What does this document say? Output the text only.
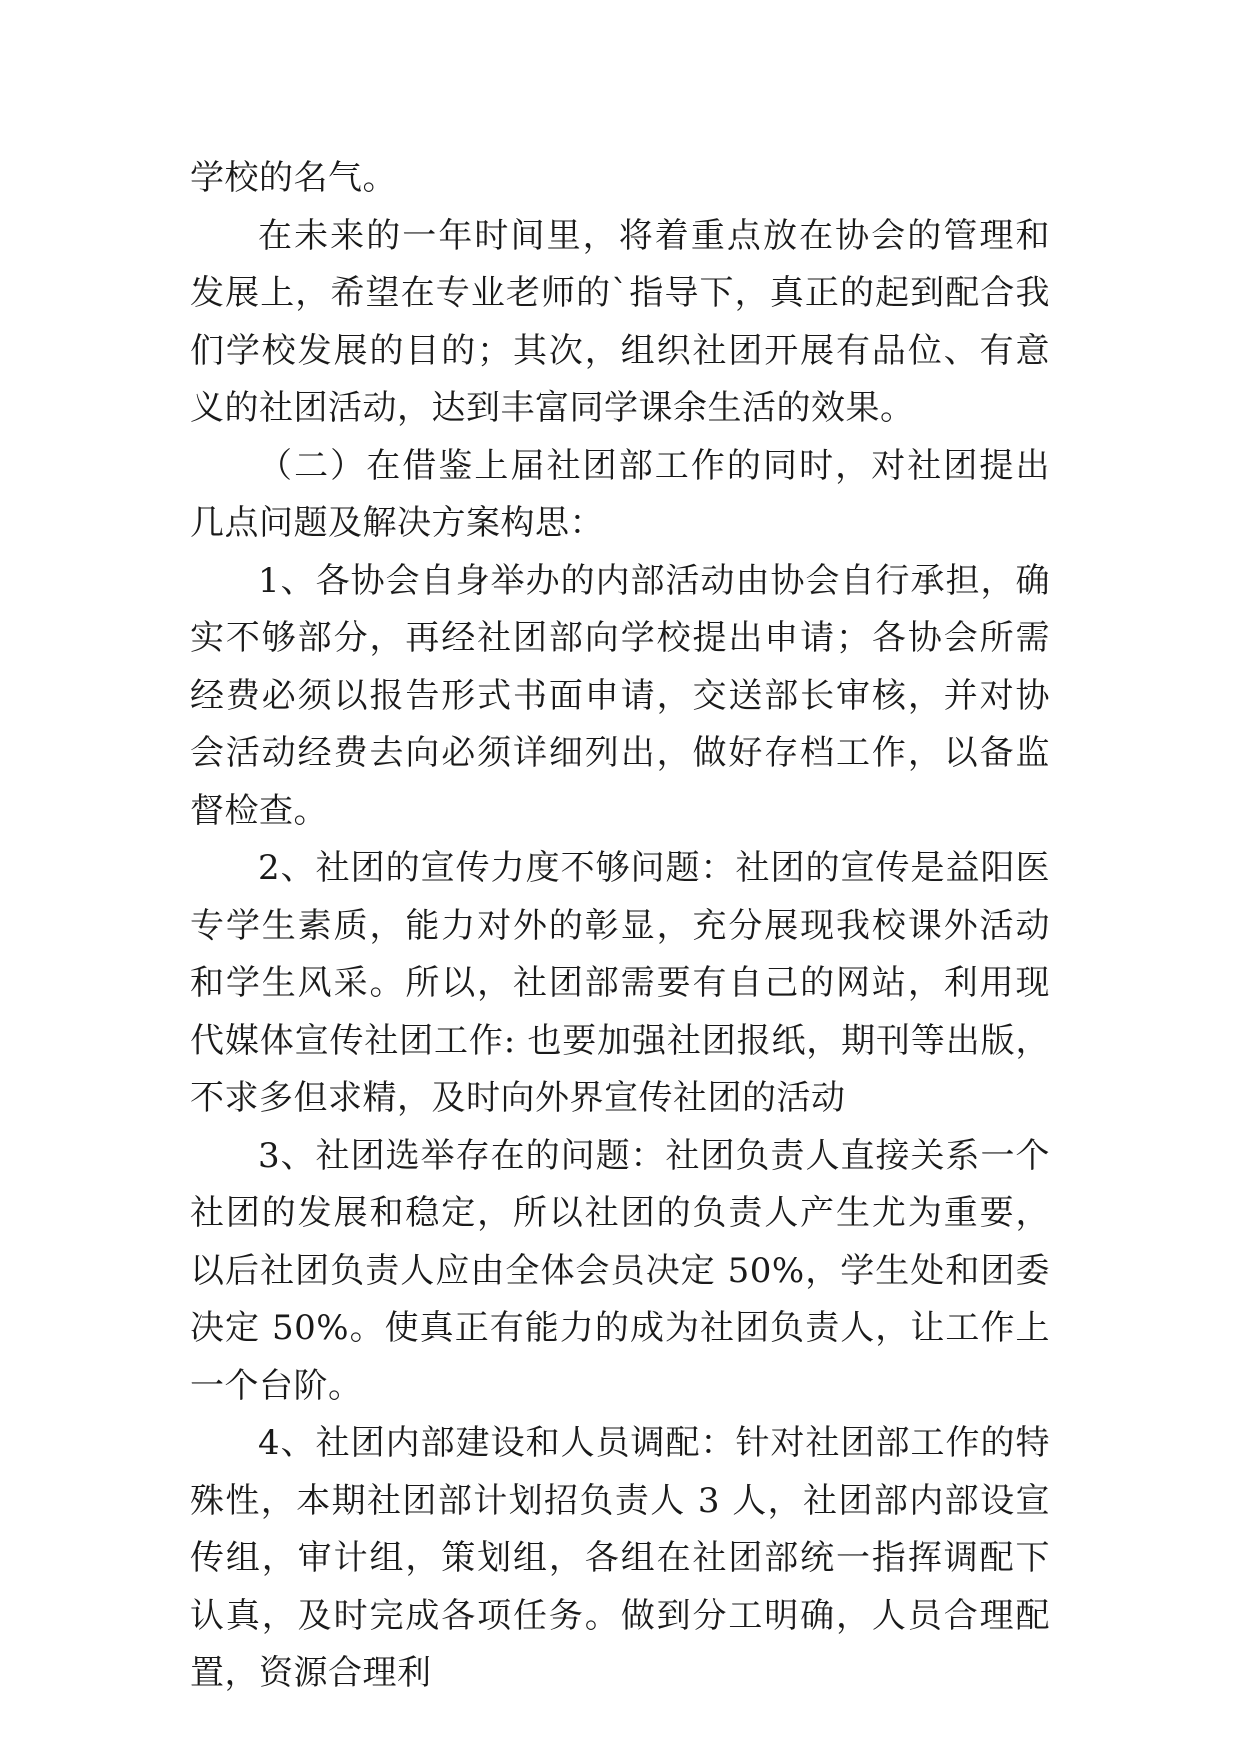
学校的名气。

在未来的一年时间里，将着重点放在协会的管理和发展上，希望在专业老师的`指导下，真正的起到配合我们学校发展的目的；其次，组织社团开展有品位、有意义的社团活动，达到丰富同学课余生活的效果。

（二）在借鉴上届社团部工作的同时，对社团提出几点问题及解决方案构思：

1、各协会自身举办的内部活动由协会自行承担，确实不够部分，再经社团部向学校提出申请；各协会所需经费必须以报告形式书面申请，交送部长审核，并对协会活动经费去向必须详细列出，做好存档工作，以备监督检查。

2、社团的宣传力度不够问题：社团的宣传是益阳医专学生素质，能力对外的彰显，充分展现我校课外活动和学生风采。所以，社团部需要有自己的网站，利用现代媒体宣传社团工作: 也要加强社团报纸，期刊等出版，不求多但求精，及时向外界宣传社团的活动

3、社团选举存在的问题：社团负责人直接关系一个社团的发展和稳定，所以社团的负责人产生尤为重要，以后社团负责人应由全体会员决定 50%，学生处和团委决定 50%。使真正有能力的成为社团负责人，让工作上一个台阶。

4、社团内部建设和人员调配：针对社团部工作的特殊性，本期社团部计划招负责人 3 人，社团部内部设宣传组，审计组，策划组，各组在社团部统一指挥调配下认真，及时完成各项任务。做到分工明确，人员合理配置，资源合理利
